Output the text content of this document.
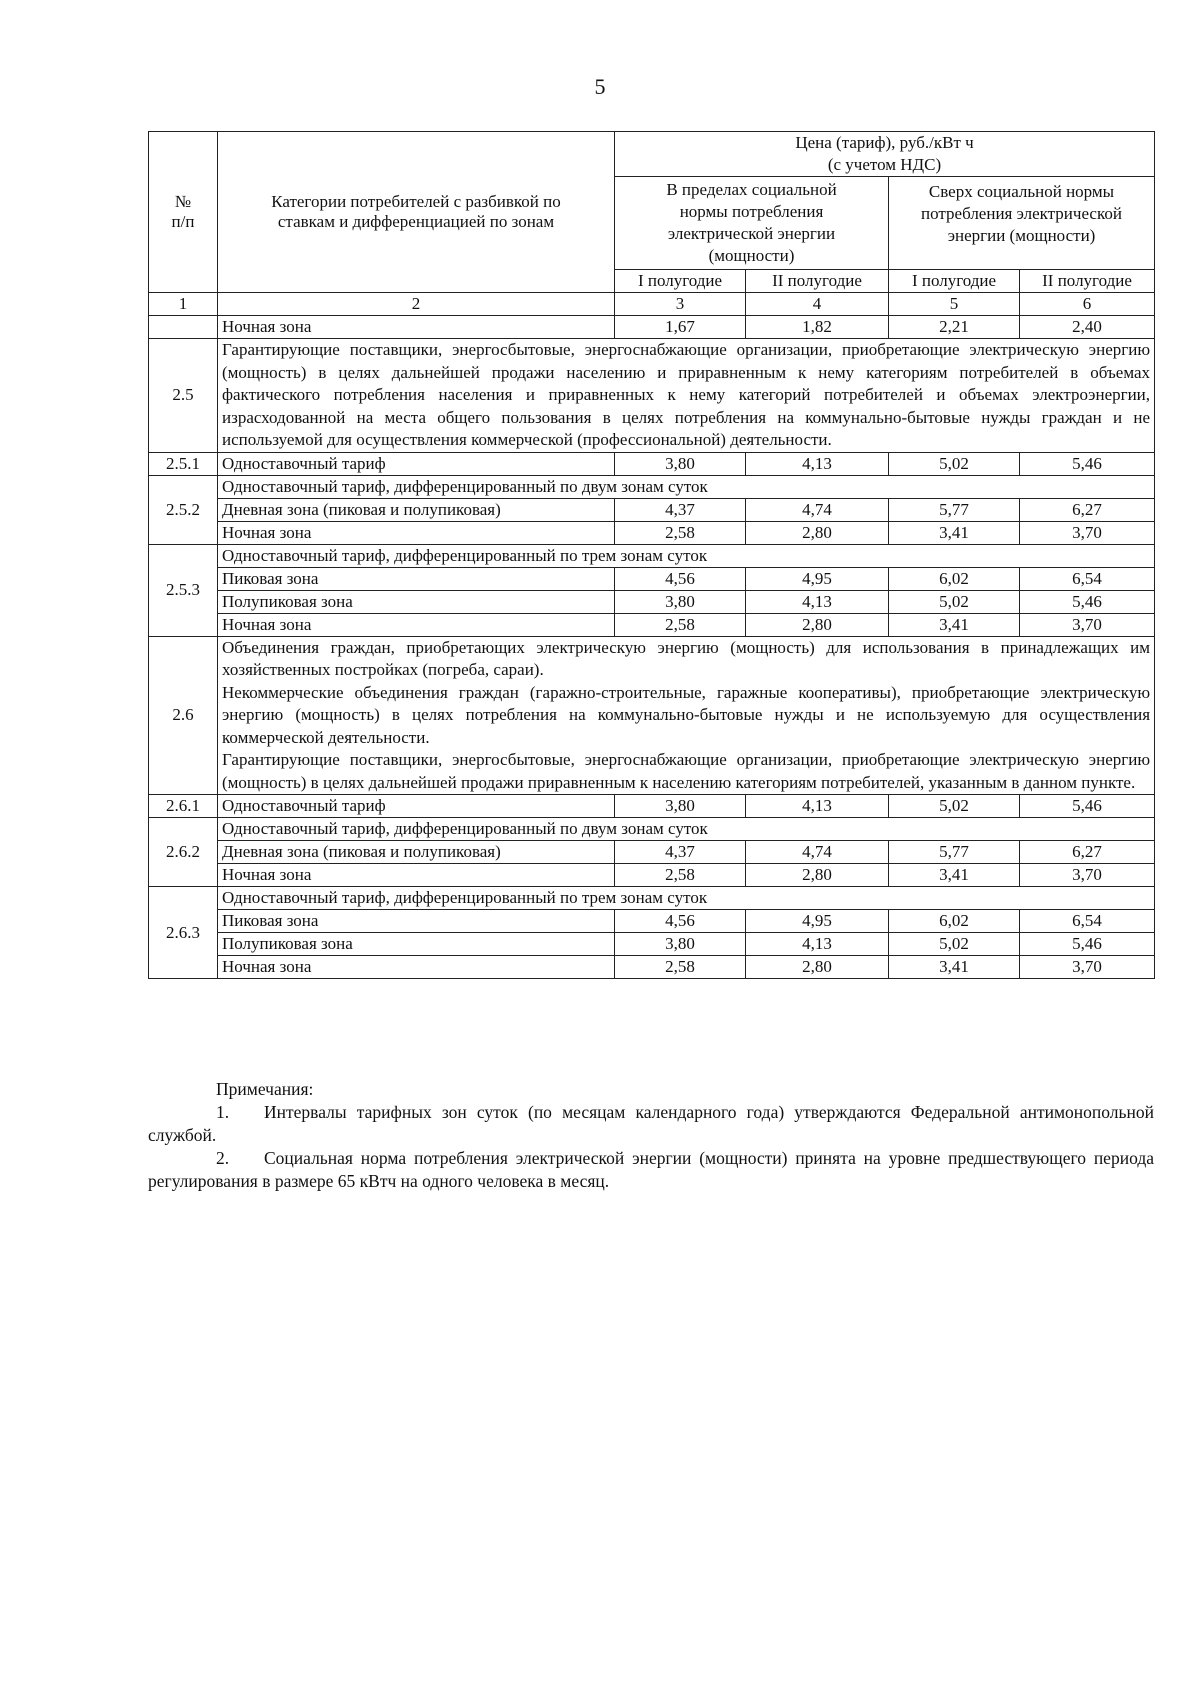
5
№
п/п	Категории потребителей с разбивкой по ставкам и дифференциацией по зонам	Цена (тариф), руб./кВт ч
(с учетом НДС)			
		В пределах социальной нормы потребления электрической энергии (мощности)		Сверх социальной нормы потребления электрической энергии (мощности)	
		I полугодие	II полугодие	I полугодие	II полугодие
1	2	3	4	5	6
	Ночная зона	1,67	1,82	2,21	2,40
2.5	Гарантирующие поставщики, энергосбытовые, энергоснабжающие организации, приобретающие электрическую энергию (мощность) в целях дальнейшей продажи населению и приравненным к нему категориям потребителей в объемах фактического потребления населения и приравненных к нему категорий потребителей и объемах электроэнергии, израсходованной на места общего пользования в целях потребления на коммунально-бытовые нужды граждан и не используемой для осуществления коммерческой (профессиональной) деятельности.				
2.5.1	Одноставочный тариф	3,80	4,13	5,02	5,46
2.5.2	Одноставочный тариф, дифференцированный по двум зонам суток				
	Дневная зона (пиковая и полупиковая)	4,37	4,74	5,77	6,27
	Ночная зона	2,58	2,80	3,41	3,70
2.5.3	Одноставочный тариф, дифференцированный по трем зонам суток				
	Пиковая зона	4,56	4,95	6,02	6,54
	Полупиковая зона	3,80	4,13	5,02	5,46
	Ночная зона	2,58	2,80	3,41	3,70
2.6	Объединения граждан, приобретающих электрическую энергию (мощность) для использования в принадлежащих им хозяйственных постройках (погреба, сараи).
Некоммерческие объединения граждан (гаражно-строительные, гаражные кооперативы), приобретающие электрическую энергию (мощность) в целях потребления на коммунально-бытовые нужды и не используемую для осуществления коммерческой деятельности.
Гарантирующие поставщики, энергосбытовые, энергоснабжающие организации, приобретающие электрическую энергию (мощность) в целях дальнейшей продажи приравненным к населению категориям потребителей, указанным в данном пункте.				

2.6.1	Одноставочный тариф	3,80	4,13	5,02	5,46
2.6.2	Одноставочный тариф, дифференцированный по двум зонам суток				
	Дневная зона (пиковая и полупиковая)	4,37	4,74	5,77	6,27
	Ночная зона	2,58	2,80	3,41	3,70
2.6.3	Одноставочный тариф, дифференцированный по трем зонам суток				
	Пиковая зона	4,56	4,95	6,02	6,54
	Полупиковая зона	3,80	4,13	5,02	5,46
	Ночная зона	2,58	2,80	3,41	3,70

Примечания:

1. Интервалы тарифных зон суток (по месяцам календарного года) утверждаются Федеральной антимонопольной службой.

2. Социальная норма потребления электрической энергии (мощности) принята на уровне предшествующего периода регулирования в размере 65 кВтч на одного человека в месяц.
